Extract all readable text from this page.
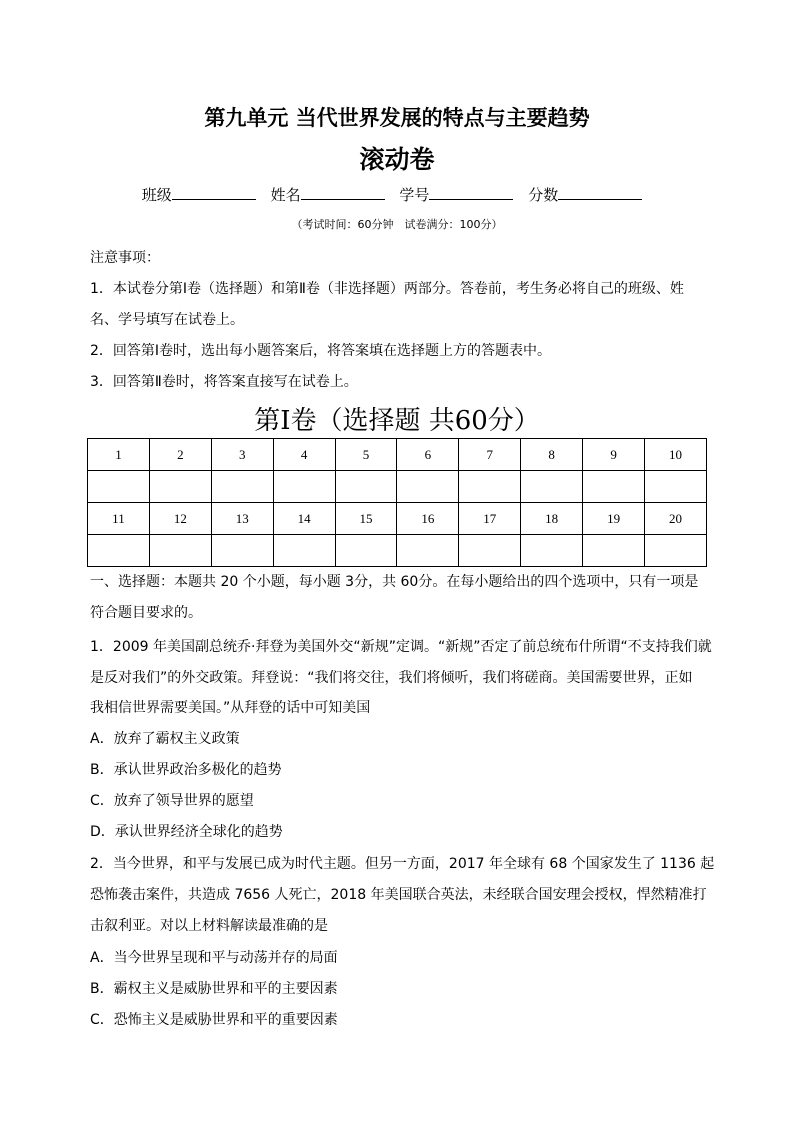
第九单元 当代世界发展的特点与主要趋势
滚动卷
班级	姓名	学号	分数
（考试时间：60分钟　试卷满分：100分）
注意事项：
1．本试卷分第Ⅰ卷（选择题）和第Ⅱ卷（非选择题）两部分。答卷前，考生务必将自己的班级、姓
名、学号填写在试卷上。
2．回答第Ⅰ卷时，选出每小题答案后，将答案填在选择题上方的答题表中。
3．回答第Ⅱ卷时，将答案直接写在试卷上。
第Ⅰ卷（选择题 共60分）
1	2	3	4	5	6	7	8	9	10

11	12	13	14	15	16	17	18	19	20

一、选择题：本题共 20 个小题，每小题 3分，共 60分。在每小题给出的四个选项中，只有一项是
符合题目要求的。
1．2009 年美国副总统乔·拜登为美国外交“新规”定调。“新规”否定了前总统布什所谓“不支持我们就
是反对我们”的外交政策。拜登说：“我们将交往，我们将倾听，我们将磋商。美国需要世界，正如
我相信世界需要美国。”从拜登的话中可知美国
A．放弃了霸权主义政策
B．承认世界政治多极化的趋势
C．放弃了领导世界的愿望
D．承认世界经济全球化的趋势
2．当今世界，和平与发展已成为时代主题。但另一方面，2017 年全球有 68 个国家发生了 1136 起
恐怖袭击案件，共造成 7656 人死亡，2018 年美国联合英法，未经联合国安理会授权，悍然精准打
击叙利亚。对以上材料解读最准确的是
A．当今世界呈现和平与动荡并存的局面
B．霸权主义是威胁世界和平的主要因素
C．恐怖主义是威胁世界和平的重要因素
